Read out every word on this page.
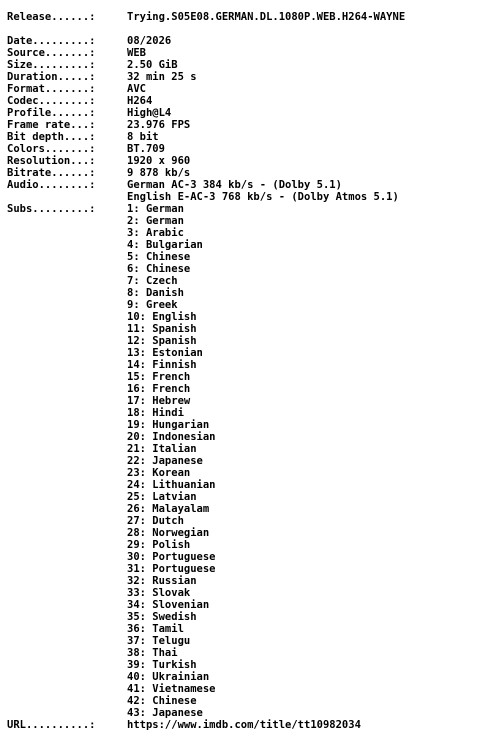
Release......:	Trying.S05E08.GERMAN.DL.1080P.WEB.H264-WAYNE
Date.........:	08/2026
Source.......:	WEB
Size.........:	2.50 GiB
Duration.....:	32 min 25 s
Format.......:	AVC
Codec........:	H264
Profile......:	High@L4
Frame rate...:	23.976 FPS
Bit depth....:	8 bit
Colors.......:	BT.709
Resolution...:	1920 x 960
Bitrate......:	9 878 kb/s
Audio........:	German AC-3 384 kb/s - (Dolby 5.1)
English E-AC-3 768 kb/s - (Dolby Atmos 5.1)
Subs.........:	1: German
2: German
3: Arabic
4: Bulgarian
5: Chinese
6: Chinese
7: Czech
8: Danish
9: Greek
10: English
11: Spanish
12: Spanish
13: Estonian
14: Finnish
15: French
16: French
17: Hebrew
18: Hindi
19: Hungarian
20: Indonesian
21: Italian
22: Japanese
23: Korean
24: Lithuanian
25: Latvian
26: Malayalam
27: Dutch
28: Norwegian
29: Polish
30: Portuguese
31: Portuguese
32: Russian
33: Slovak
34: Slovenian
35: Swedish
36: Tamil
37: Telugu
38: Thai
39: Turkish
40: Ukrainian
41: Vietnamese
42: Chinese
43: Japanese
URL..........:	https://www.imdb.com/title/tt10982034
